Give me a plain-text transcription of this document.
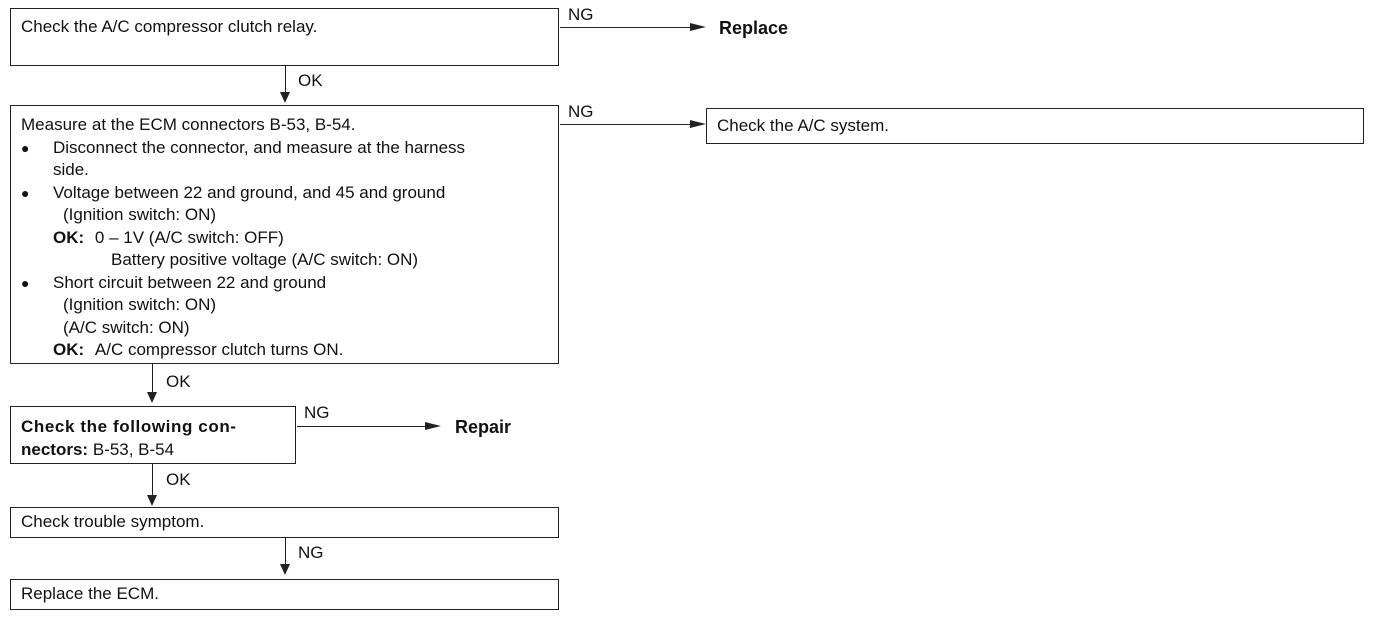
Check the A/C compressor clutch relay.
NG
Replace
OK
Measure at the ECM connectors B-53, B-54.
●	Disconnect the connector, and measure at the harness
side.
●	Voltage between 22 and ground, and 45 and ground
(Ignition switch: ON)
OK: 0 – 1V (A/C switch: OFF)
Battery positive voltage (A/C switch: ON)
●	Short circuit between 22 and ground
(Ignition switch: ON)
(A/C switch: ON)
OK: A/C compressor clutch turns ON.
NG
Check the A/C system.
OK
Check the following con-
nectors: B-53, B-54
NG
Repair
OK
Check trouble symptom.
NG
Replace the ECM.
